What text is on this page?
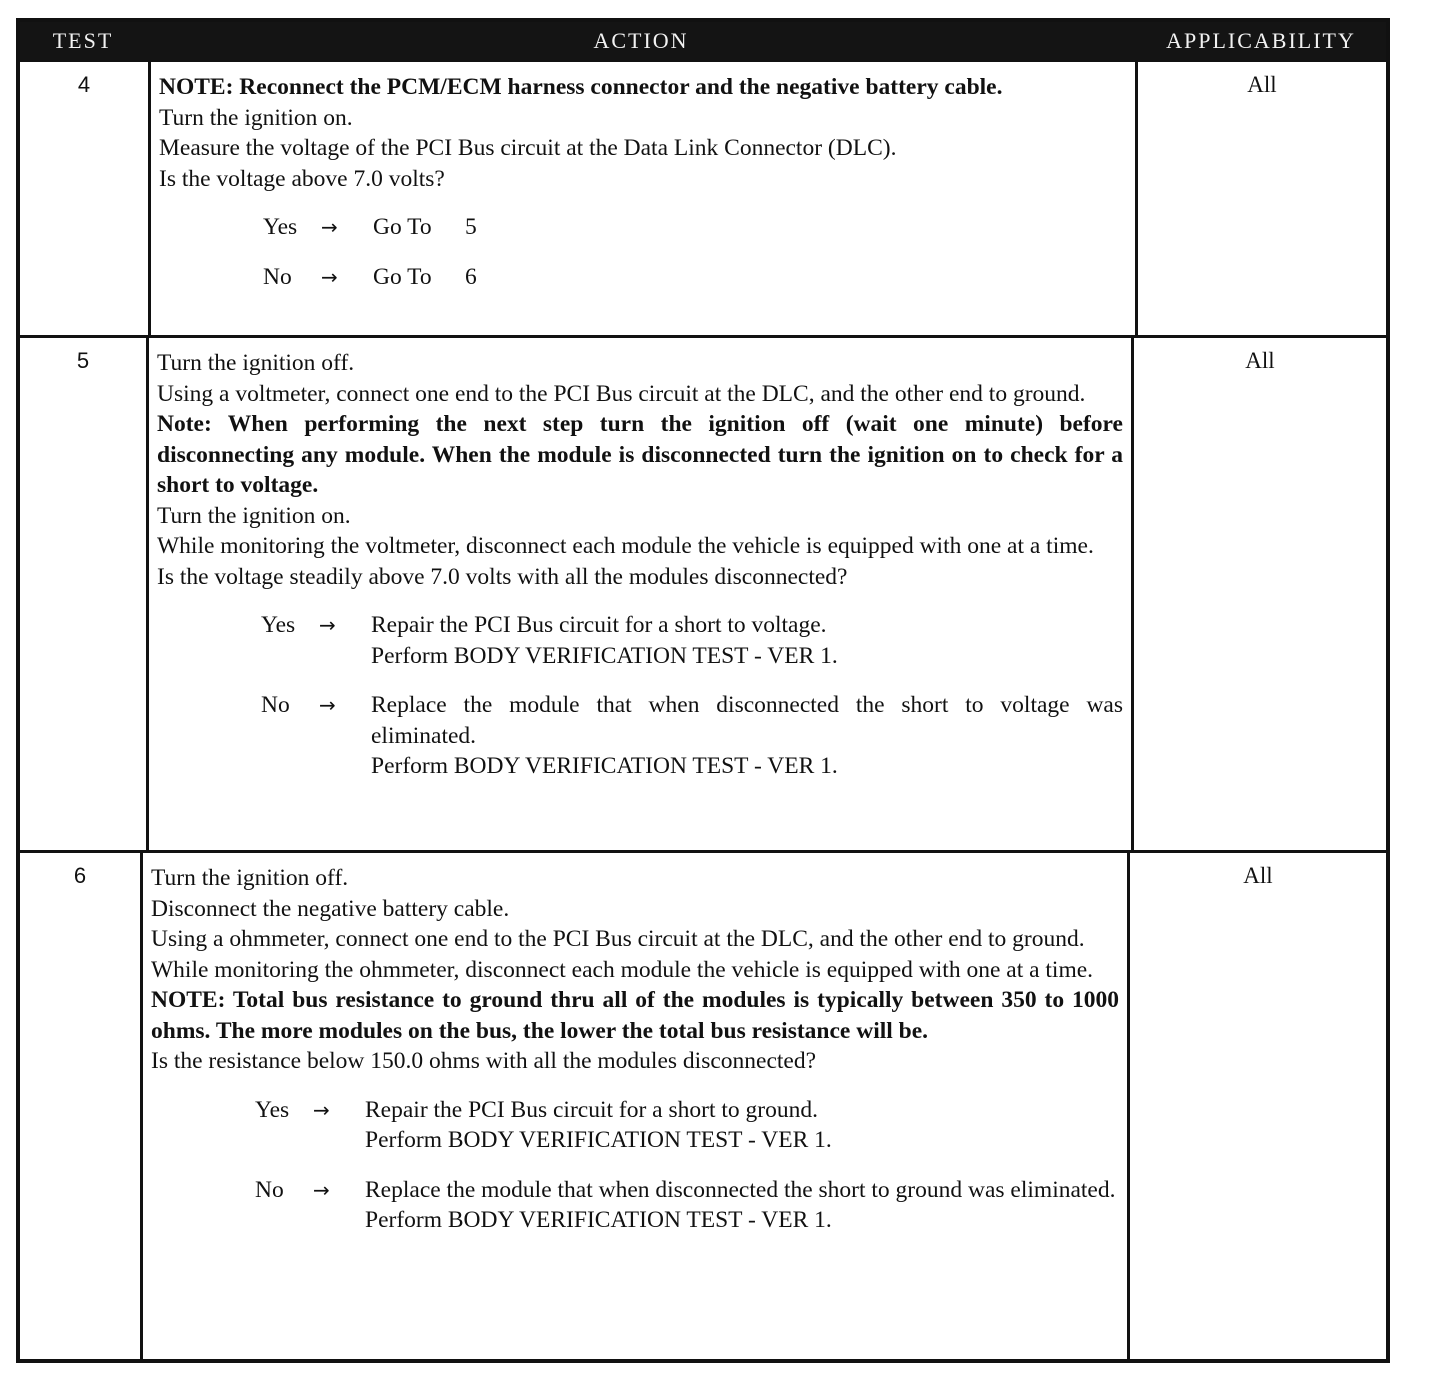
TEST	ACTION	APPLICABILITY
4	NOTE: Reconnect the PCM/ECM harness connector and the negative battery cable.
Turn the ignition on.
Measure the voltage of the PCI Bus circuit at the Data Link Connector (DLC).
Is the voltage above 7.0 volts?
Yes	→	Go To 5
No	→	Go To 6
All
5	Turn the ignition off.
Using a voltmeter, connect one end to the PCI Bus circuit at the DLC, and the other end to ground.
Note: When performing the next step turn the ignition off (wait one minute) before disconnecting any module. When the module is disconnected turn the ignition on to check for a short to voltage.
Turn the ignition on.
While monitoring the voltmeter, disconnect each module the vehicle is equipped with one at a time.
Is the voltage steadily above 7.0 volts with all the modules disconnected?
Yes	→	Repair the PCI Bus circuit for a short to voltage.
Perform BODY VERIFICATION TEST - VER 1.
No	→	Replace the module that when disconnected the short to voltage was eliminated.
Perform BODY VERIFICATION TEST - VER 1.
All
6	Turn the ignition off.
Disconnect the negative battery cable.
Using a ohmmeter, connect one end to the PCI Bus circuit at the DLC, and the other end to ground.
While monitoring the ohmmeter, disconnect each module the vehicle is equipped with one at a time.
NOTE: Total bus resistance to ground thru all of the modules is typically between 350 to 1000 ohms. The more modules on the bus, the lower the total bus resistance will be.
Is the resistance below 150.0 ohms with all the modules disconnected?
Yes	→	Repair the PCI Bus circuit for a short to ground.
Perform BODY VERIFICATION TEST - VER 1.
No	→	Replace the module that when disconnected the short to ground was eliminated.
Perform BODY VERIFICATION TEST - VER 1.
All
